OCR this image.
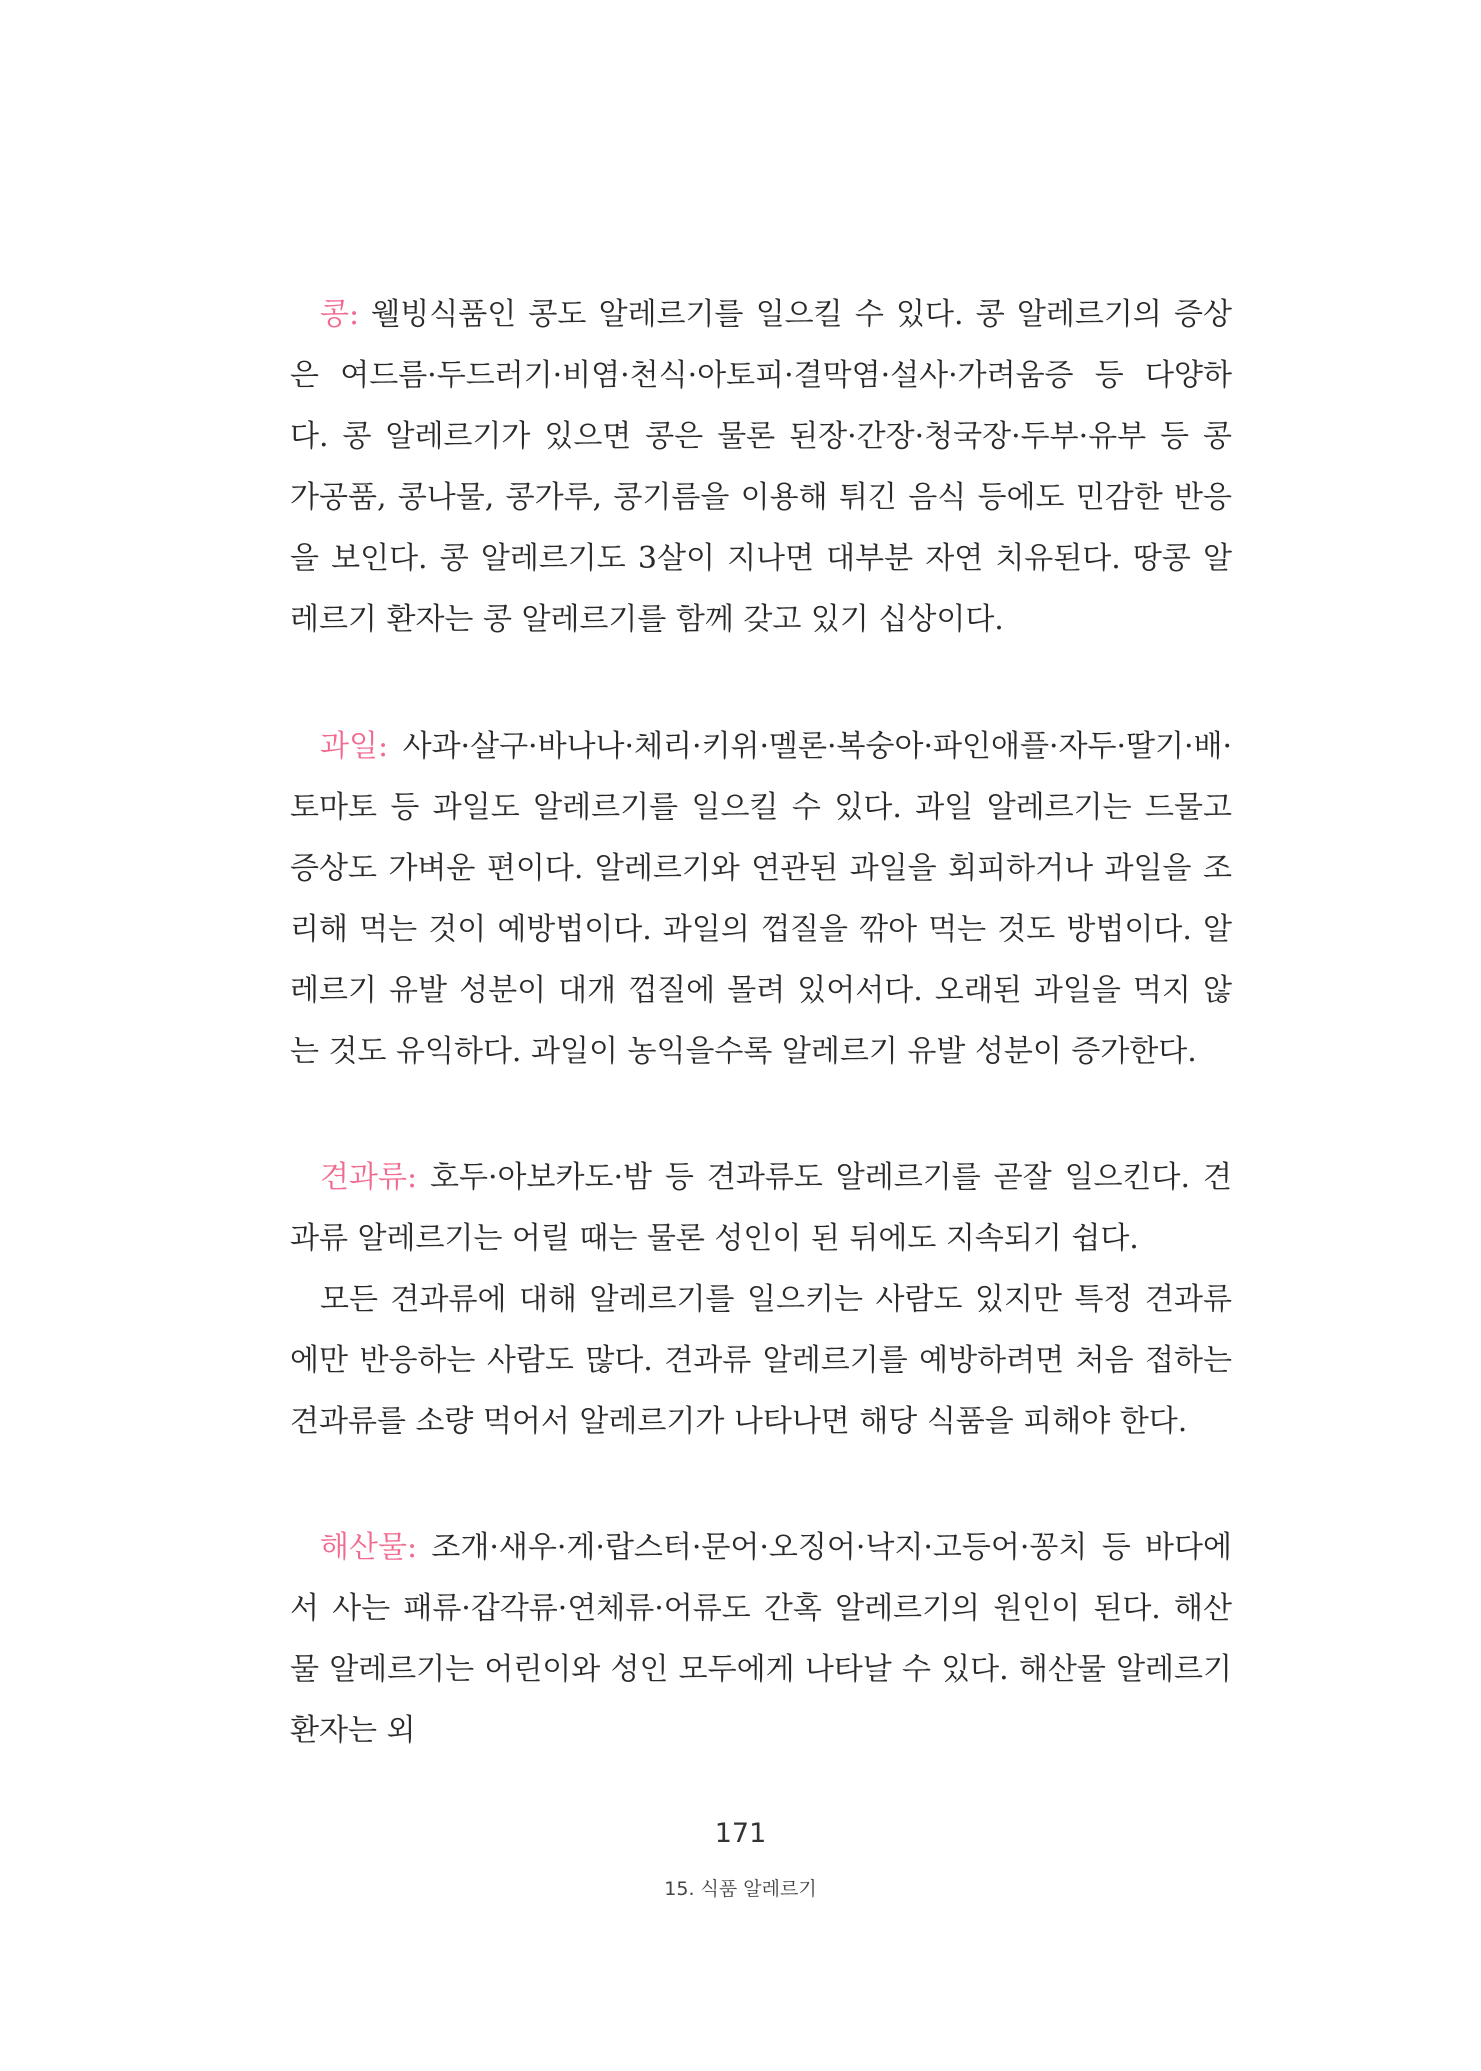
콩: 웰빙식품인 콩도 알레르기를 일으킬 수 있다. 콩 알레르기의 증상은 여드름·두드러기·비염·천식·아토피·결막염·설사·가려움증 등 다양하다. 콩 알레르기가 있으면 콩은 물론 된장·간장·청국장·두부·유부 등 콩 가공품, 콩나물, 콩가루, 콩기름을 이용해 튀긴 음식 등에도 민감한 반응을 보인다. 콩 알레르기도 3살이 지나면 대부분 자연 치유된다. 땅콩 알레르기 환자는 콩 알레르기를 함께 갖고 있기 십상이다.

과일: 사과·살구·바나나·체리·키위·멜론·복숭아·파인애플·자두·딸기·배·토마토 등 과일도 알레르기를 일으킬 수 있다. 과일 알레르기는 드물고 증상도 가벼운 편이다. 알레르기와 연관된 과일을 회피하거나 과일을 조리해 먹는 것이 예방법이다. 과일의 껍질을 깎아 먹는 것도 방법이다. 알레르기 유발 성분이 대개 껍질에 몰려 있어서다. 오래된 과일을 먹지 않는 것도 유익하다. 과일이 농익을수록 알레르기 유발 성분이 증가한다.

견과류: 호두·아보카도·밤 등 견과류도 알레르기를 곧잘 일으킨다. 견과류 알레르기는 어릴 때는 물론 성인이 된 뒤에도 지속되기 쉽다.

모든 견과류에 대해 알레르기를 일으키는 사람도 있지만 특정 견과류에만 반응하는 사람도 많다. 견과류 알레르기를 예방하려면 처음 접하는 견과류를 소량 먹어서 알레르기가 나타나면 해당 식품을 피해야 한다.

해산물: 조개·새우·게·랍스터·문어·오징어·낙지·고등어·꽁치 등 바다에서 사는 패류·갑각류·연체류·어류도 간혹 알레르기의 원인이 된다. 해산물 알레르기는 어린이와 성인 모두에게 나타날 수 있다. 해산물 알레르기 환자는 외

171

15. 식품 알레르기
